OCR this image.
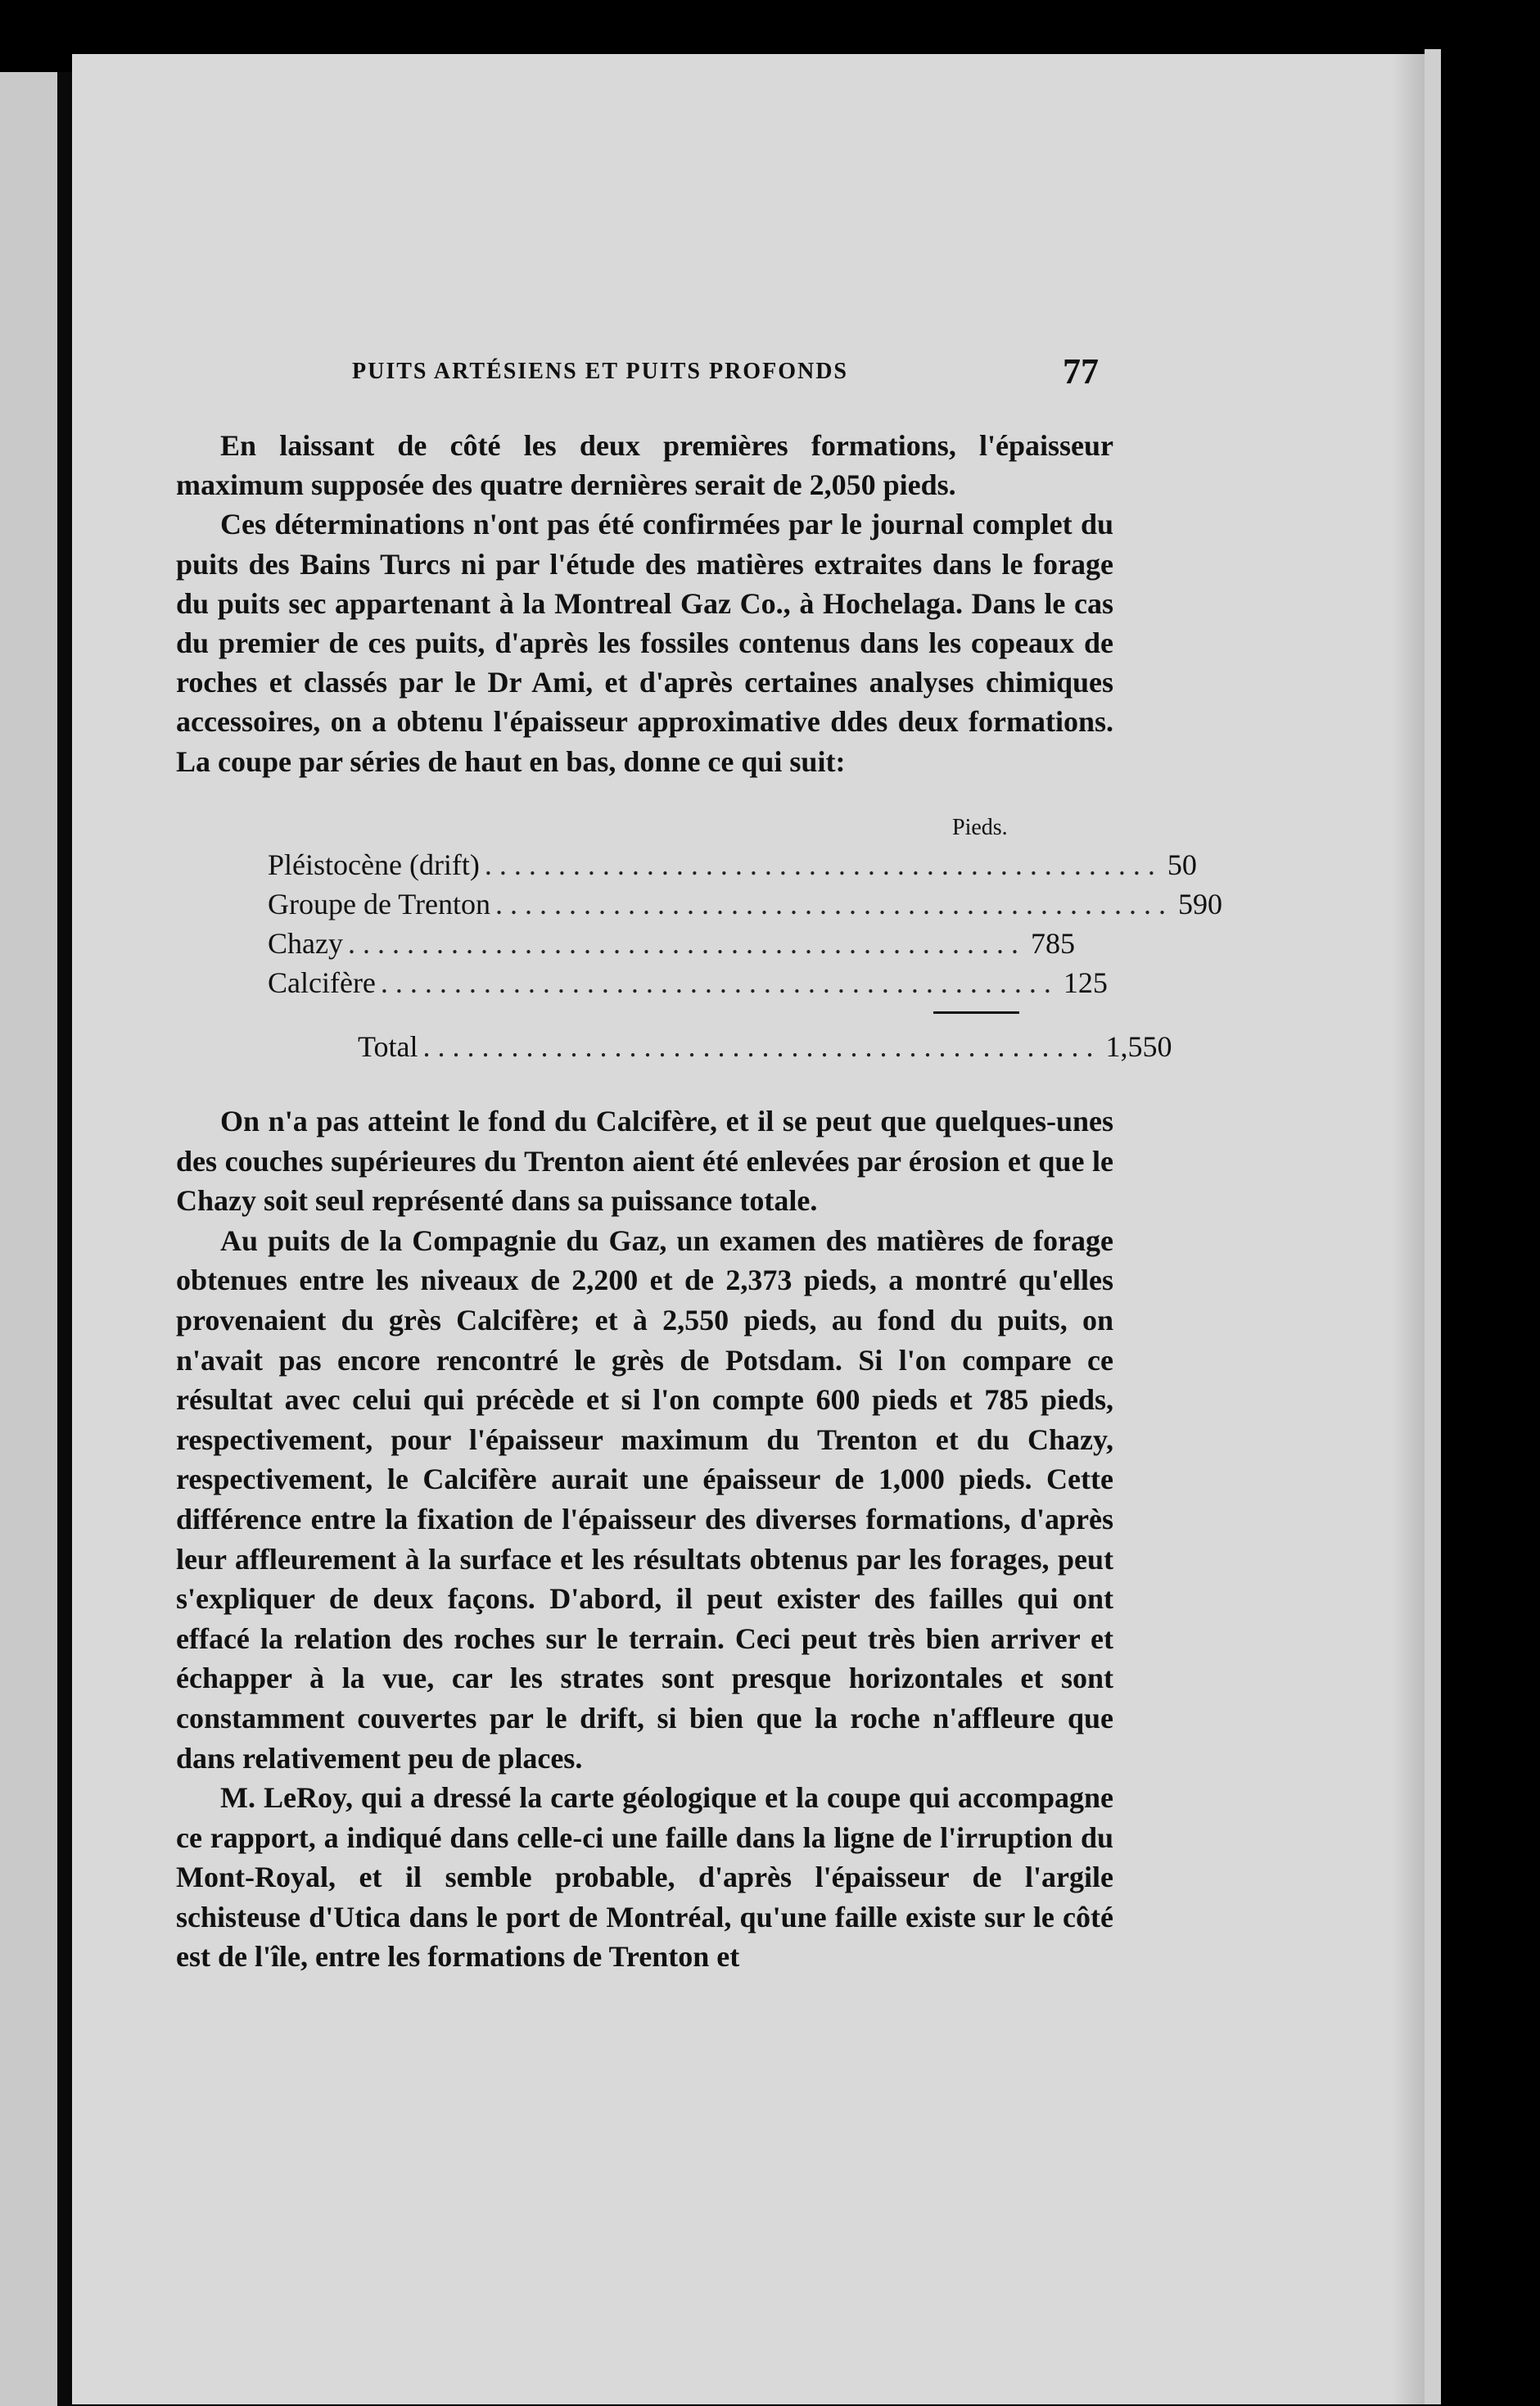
PUITS ARTÉSIENS ET PUITS PROFONDS	77

En laissant de côté les deux premières formations, l'épaisseur maximum supposée des quatre dernières serait de 2,050 pieds.

Ces déterminations n'ont pas été confirmées par le journal complet du puits des Bains Turcs ni par l'étude des matières extraites dans le forage du puits sec appartenant à la Montreal Gaz Co., à Hochelaga. Dans le cas du premier de ces puits, d'après les fossiles contenus dans les copeaux de roches et classés par le Dr Ami, et d'après certaines analyses chimiques accessoires, on a obtenu l'épaisseur approximative ddes deux formations. La coupe par séries de haut en bas, donne ce qui suit:

Pieds.
Pléistocène (drift) .............................................. 50
Groupe de Trenton .............................................. 590
Chazy .............................................. 785
Calcifère .............................................. 125
Total .............................................. 1,550

On n'a pas atteint le fond du Calcifère, et il se peut que quelques-unes des couches supérieures du Trenton aient été enlevées par érosion et que le Chazy soit seul représenté dans sa puissance totale.

Au puits de la Compagnie du Gaz, un examen des matières de forage obtenues entre les niveaux de 2,200 et de 2,373 pieds, a montré qu'elles provenaient du grès Calcifère; et à 2,550 pieds, au fond du puits, on n'avait pas encore rencontré le grès de Potsdam. Si l'on compare ce résultat avec celui qui précède et si l'on compte 600 pieds et 785 pieds, respectivement, pour l'épaisseur maximum du Trenton et du Chazy, respectivement, le Calcifère aurait une épaisseur de 1,000 pieds. Cette différence entre la fixation de l'épaisseur des diverses formations, d'après leur affleurement à la surface et les résultats obtenus par les forages, peut s'expliquer de deux façons. D'abord, il peut exister des failles qui ont effacé la relation des roches sur le terrain. Ceci peut très bien arriver et échapper à la vue, car les strates sont presque horizontales et sont constamment couvertes par le drift, si bien que la roche n'affleure que dans relativement peu de places.

M. LeRoy, qui a dressé la carte géologique et la coupe qui accompagne ce rapport, a indiqué dans celle-ci une faille dans la ligne de l'irruption du Mont-Royal, et il semble probable, d'après l'épaisseur de l'argile schisteuse d'Utica dans le port de Montréal, qu'une faille existe sur le côté est de l'île, entre les formations de Trenton et
